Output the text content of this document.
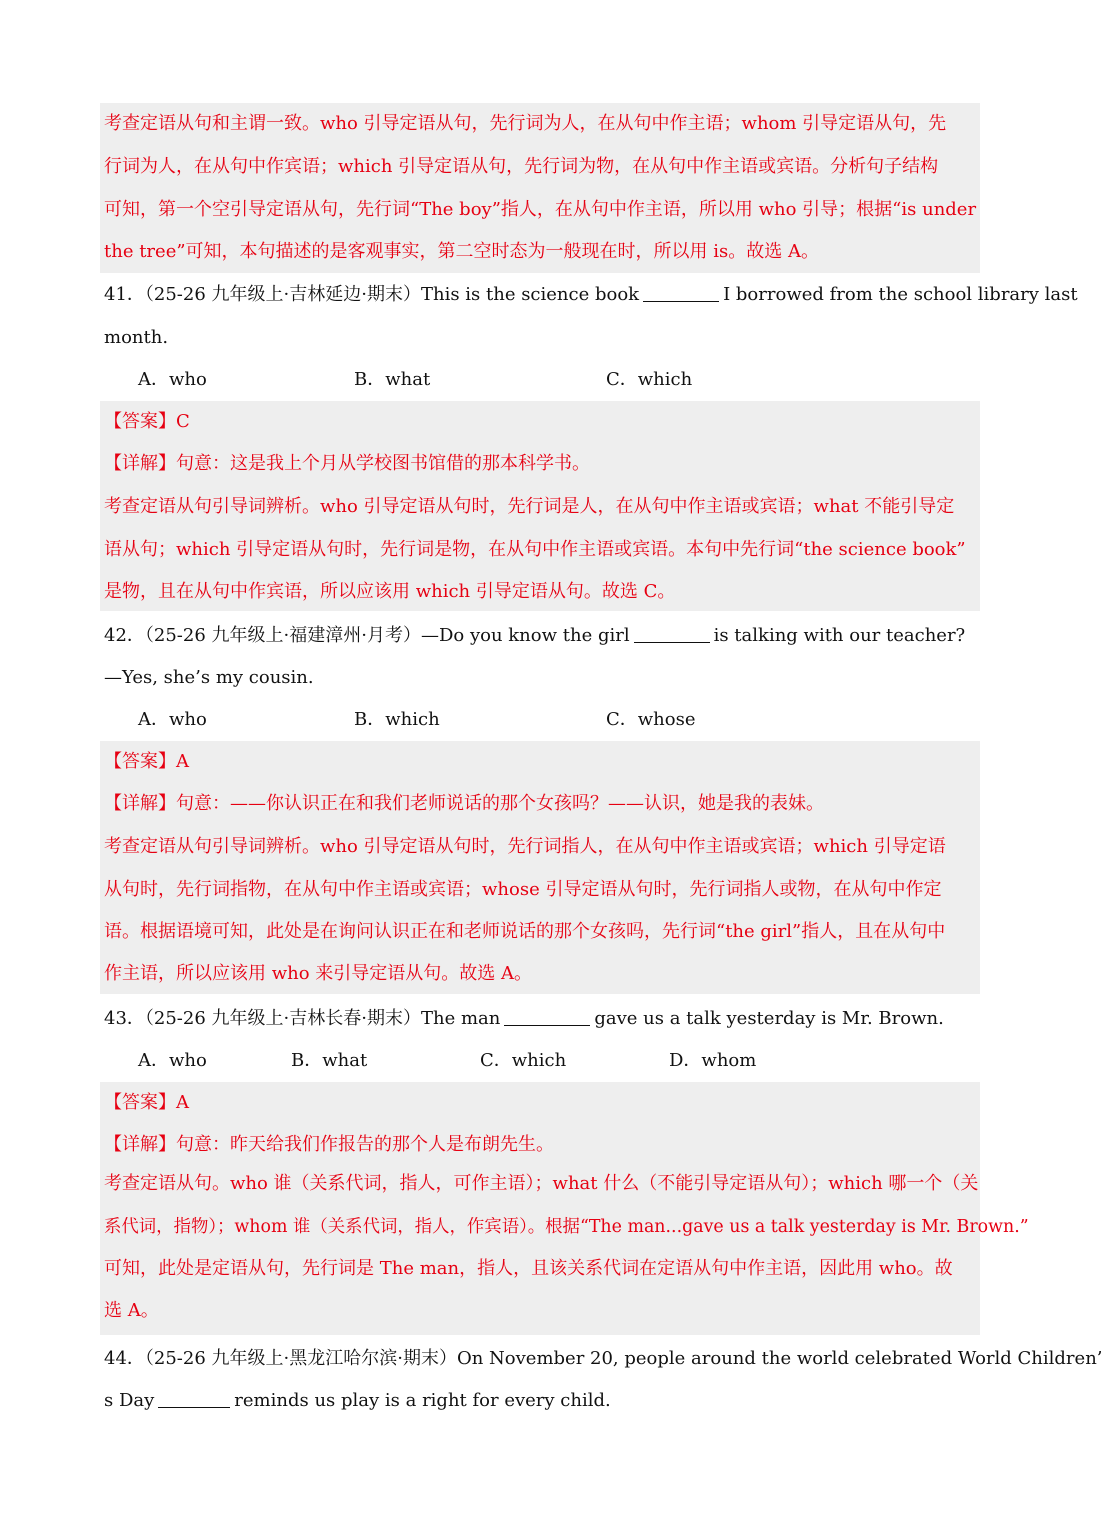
考查定语从句和主谓一致。who 引导定语从句，先行词为人，在从句中作主语；whom 引导定语从句，先
行词为人，在从句中作宾语；which 引导定语从句，先行词为物，在从句中作主语或宾语。分析句子结构
可知，第一个空引导定语从句，先行词“The boy”指人，在从句中作主语，所以用 who 引导；根据“is under
the tree”可知，本句描述的是客观事实，第二空时态为一般现在时，所以用 is。故选 A。
41．（25-26 九年级上·吉林延边·期末）This is the science book	I borrowed from the school library last
month.
A．who	B．what	C．which
【答案】C
【详解】句意：这是我上个月从学校图书馆借的那本科学书。
考查定语从句引导词辨析。who 引导定语从句时，先行词是人，在从句中作主语或宾语；what 不能引导定
语从句；which 引导定语从句时，先行词是物，在从句中作主语或宾语。本句中先行词“the science book”
是物，且在从句中作宾语，所以应该用 which 引导定语从句。故选 C。
42．（25-26 九年级上·福建漳州·月考）—Do you know the girl	is talking with our teacher?
—Yes, she’s my cousin.
A．who	B．which	C．whose
【答案】A
【详解】句意：——你认识正在和我们老师说话的那个女孩吗？——认识，她是我的表妹。
考查定语从句引导词辨析。who 引导定语从句时，先行词指人，在从句中作主语或宾语；which 引导定语
从句时，先行词指物，在从句中作主语或宾语；whose 引导定语从句时，先行词指人或物，在从句中作定
语。根据语境可知，此处是在询问认识正在和老师说话的那个女孩吗，先行词“the girl”指人，且在从句中
作主语，所以应该用 who 来引导定语从句。故选 A。
43．（25-26 九年级上·吉林长春·期末）The man	gave us a talk yesterday is Mr. Brown.
A．who	B．what	C．which	D．whom
【答案】A
【详解】句意：昨天给我们作报告的那个人是布朗先生。
考查定语从句。who 谁（关系代词，指人，可作主语）；what 什么（不能引导定语从句）；which 哪一个（关
系代词，指物）；whom 谁（关系代词，指人，作宾语）。根据“The man...gave us a talk yesterday is Mr. Brown.”
可知，此处是定语从句，先行词是 The man，指人，且该关系代词在定语从句中作主语，因此用 who。故
选 A。
44．（25-26 九年级上·黑龙江哈尔滨·期末）On November 20, people around the world celebrated World Children’
s Day	reminds us play is a right for every child.
